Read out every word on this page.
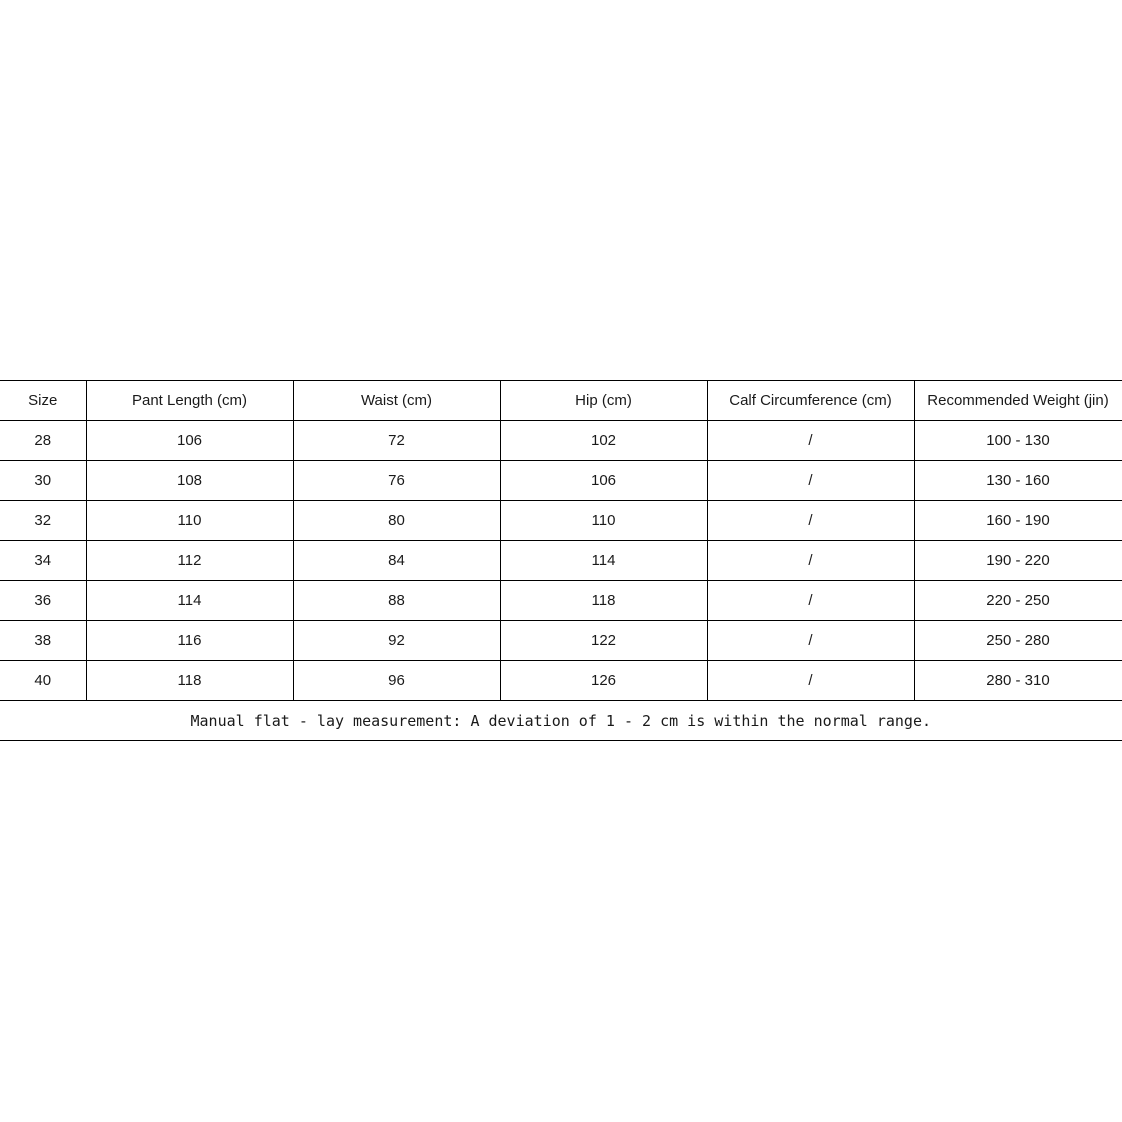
Size	Pant Length (cm)	Waist (cm)	Hip (cm)	Calf Circumference (cm)	Recommended Weight (jin)
28	106	72	102	/	100 - 130
30	108	76	106	/	130 - 160
32	110	80	110	/	160 - 190
34	112	84	114	/	190 - 220
36	114	88	118	/	220 - 250
38	116	92	122	/	250 - 280
40	118	96	126	/	280 - 310
Manual flat - lay measurement: A deviation of 1 - 2 cm is within the normal range.					
